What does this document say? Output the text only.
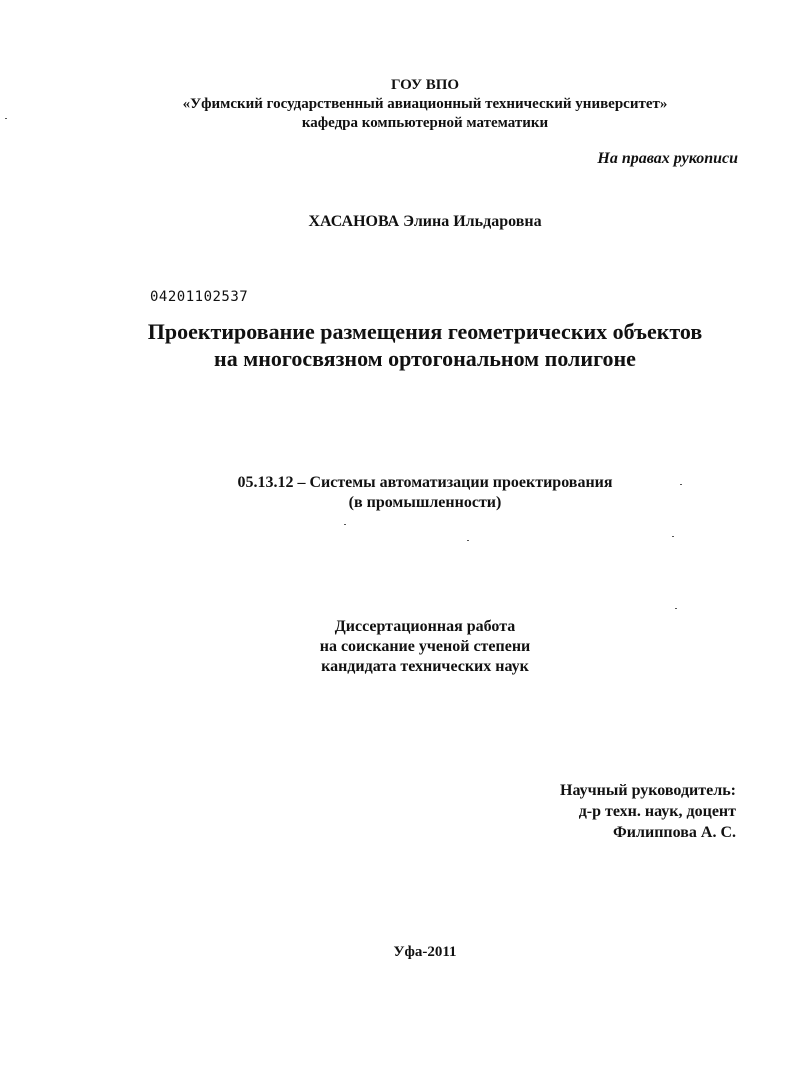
ГОУ ВПО
«Уфимский государственный авиационный технический университет»
кафедра компьютерной математики
На правах рукописи
ХАСАНОВА Элина Ильдаровна
04201102537
Проектирование размещения геометрических объектов
на многосвязном ортогональном полигоне
05.13.12 – Системы автоматизации проектирования
(в промышленности)
Диссертационная работа
на соискание ученой степени
кандидата технических наук
Научный руководитель:
д-р техн. наук, доцент
Филиппова А. С.
Уфа-2011
